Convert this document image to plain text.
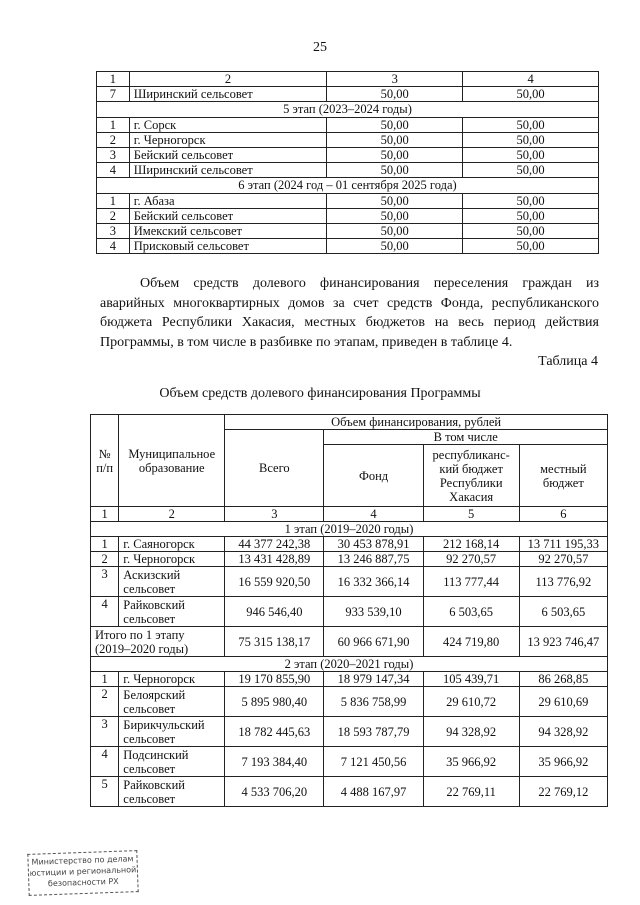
25
1	2	3	4
7	Ширинский сельсовет	50,00	50,00
5 этап (2023–2024 годы)			
1	г. Сорск	50,00	50,00
2	г. Черногорск	50,00	50,00
3	Бейский сельсовет	50,00	50,00
4	Ширинский сельсовет	50,00	50,00
6 этап (2024 год – 01 сентября 2025 года)			
1	г. Абаза	50,00	50,00
2	Бейский сельсовет	50,00	50,00
3	Имекский сельсовет	50,00	50,00
4	Присковый сельсовет	50,00	50,00

Объем средств долевого финансирования переселения граждан из аварийных многоквартирных домов за счет средств Фонда, республиканского бюджета Республики Хакасия, местных бюджетов на весь период действия Программы, в том числе в разбивке по этапам, приведен в таблице 4.

Таблица 4
Объем средств долевого финансирования Программы
№ п/п	Муниципальное образование	Объем финансирования, рублей			
		Всего	В том числе		
			Фонд	республиканс-кий бюджет Республики Хакасия	местный бюджет
1	2	3	4	5	6
1 этап (2019–2020 годы)					
1	г. Саяногорск	44 377 242,38	30 453 878,91	212 168,14	13 711 195,33
2	г. Черногорск	13 431 428,89	13 246 887,75	92 270,57	92 270,57
3	Аскизский сельсовет	16 559 920,50	16 332 366,14	113 777,44	113 776,92
4	Райковский сельсовет	946 546,40	933 539,10	6 503,65	6 503,65
Итого по 1 этапу (2019–2020 годы)		75 315 138,17	60 966 671,90	424 719,80	13 923 746,47
2 этап (2020–2021 годы)					
1	г. Черногорск	19 170 855,90	18 979 147,34	105 439,71	86 268,85
2	Белоярский сельсовет	5 895 980,40	5 836 758,99	29 610,72	29 610,69
3	Бирикчульский сельсовет	18 782 445,63	18 593 787,79	94 328,92	94 328,92
4	Подсинский сельсовет	7 193 384,40	7 121 450,56	35 966,92	35 966,92
5	Райковский сельсовет	4 533 706,20	4 488 167,97	22 769,11	22 769,12
Министерство по делам
юстиции и региональной
безопасности РХ
